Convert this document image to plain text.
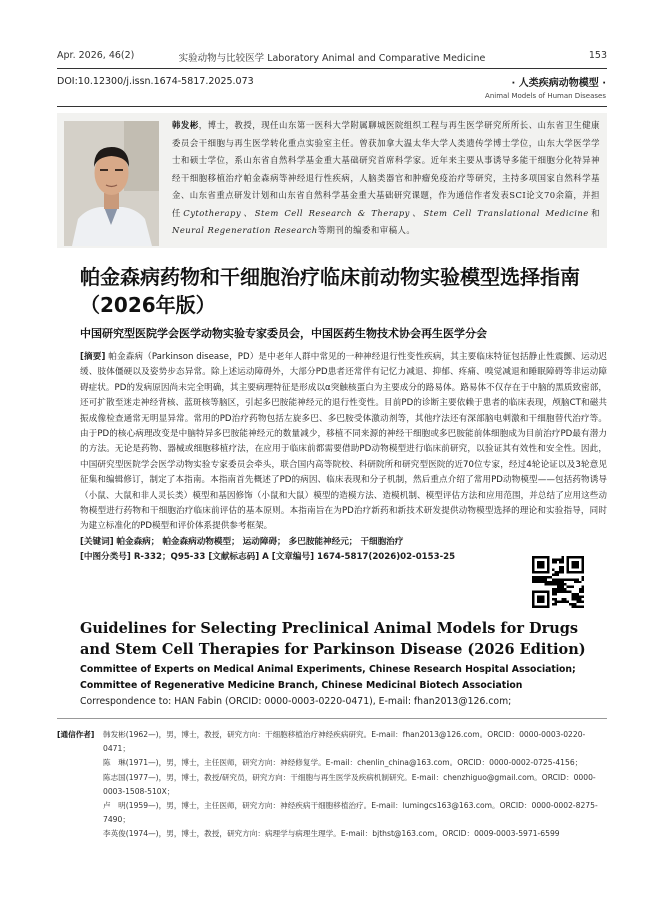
Apr. 2026, 46(2)	实验动物与比较医学 Laboratory Animal and Comparative Medicine	153
DOI:10.12300/j.issn.1674-5817.2025.073	· 人类疾病动物模型 ·
Animal Models of Human Diseases
韩发彬，博士，教授，现任山东第一医科大学附属聊城医院组织工程与再生医学研究所所长、山东省卫生健康委员会干细胞与再生医学转化重点实验室主任。曾获加拿大温太华大学人类遗传学博士学位，山东大学医学学士和硕士学位，系山东省自然科学基金重大基础研究首席科学家。近年来主要从事诱导多能干细胞分化特异神经干细胞移植治疗帕金森病等神经退行性疾病，人脑类器官和肿瘤免疫治疗等研究，主持多项国家自然科学基金、山东省重点研发计划和山东省自然科学基金重大基础研究课题，作为通信作者发表SCI论文70余篇，并担任Cytotherapy、Stem Cell Research & Therapy、Stem Cell Translational Medicine和Neural Regeneration Research等期刊的编委和审稿人。
帕金森病药物和干细胞治疗临床前动物实验模型选择指南（2026年版）
中国研究型医院学会医学动物实验专家委员会，中国医药生物技术协会再生医学分会
[摘要] 帕金森病（Parkinson disease，PD）是中老年人群中常见的一种神经退行性变性疾病，其主要临床特征包括静止性震颤、运动迟缓、肢体僵硬以及姿势步态异常。除上述运动障碍外，大部分PD患者还常伴有记忆力减退、抑郁、疼痛、嗅觉减退和睡眠障碍等非运动障碍症状。PD的发病原因尚未完全明确，其主要病理特征是形成以α突触核蛋白为主要成分的路易体。路易体不仅存在于中脑的黑质致密部，还可扩散至迷走神经背核、蓝斑核等脑区，引起多巴胺能神经元的退行性变性。目前PD的诊断主要依赖于患者的临床表现，颅脑CT和磁共振成像检查通常无明显异常。常用的PD治疗药物包括左旋多巴、多巴胺受体激动剂等，其他疗法还有深部脑电刺激和干细胞替代治疗等。由于PD的核心病理改变是中脑特异多巴胺能神经元的数量减少，移植不同来源的神经干细胞或多巴胺能前体细胞成为目前治疗PD最有潜力的方法。无论是药物、器械或细胞移植疗法，在应用于临床前都需要借助PD动物模型进行临床前研究，以验证其有效性和安全性。因此，中国研究型医院学会医学动物实验专家委员会牵头，联合国内高等院校、科研院所和研究型医院的近70位专家，经过4轮论证以及3轮意见征集和编辑修订，制定了本指南。本指南首先概述了PD的病因、临床表现和分子机制，然后重点介绍了常用PD动物模型——包括药物诱导（小鼠、大鼠和非人灵长类）模型和基因修饰（小鼠和大鼠）模型的造模方法、造模机制、模型评估方法和应用范围，并总结了应用这些动物模型进行药物和干细胞治疗临床前评估的基本原则。本指南旨在为PD治疗新药和新技术研发提供动物模型选择的理论和实验指导，同时为建立标准化的PD模型和评价体系提供参考框架。
[关键词] 帕金森病； 帕金森病动物模型； 运动障碍； 多巴胺能神经元； 干细胞治疗
[中图分类号] R-332；Q95-33 [文献标志码] A [文章编号] 1674-5817(2026)02-0153-25
Guidelines for Selecting Preclinical Animal Models for Drugs and Stem Cell Therapies for Parkinson Disease (2026 Edition)
Committee of Experts on Medical Animal Experiments, Chinese Research Hospital Association;
Committee of Regenerative Medicine Branch, Chinese Medicinal Biotech Association
Correspondence to: HAN Fabin (ORCID: 0000-0003-0220-0471), E-mail: fhan2013@126.com;
[通信作者] 韩发彬(1962—)，男，博士，教授，研究方向：干细胞移植治疗神经疾病研究。E-mail：fhan2013@126.com。ORCID：0000-0003-0220-0471；
陈　琳(1971—)，男，博士，主任医师，研究方向：神经修复学。E-mail：chenlin_china@163.com。ORCID：0000-0002-0725-4156；
陈志国(1977—)，男，博士，教授/研究员，研究方向：干细胞与再生医学及疾病机制研究。E-mail：chenzhiguo@gmail.com。ORCID：0000-0003-1508-510X；
卢　明(1959—)，男，博士，主任医师，研究方向：神经疾病干细胞移植治疗。E-mail：lumingcs163@163.com。ORCID：0000-0002-8275-7490；
李英俊(1974—)，男，博士，教授，研究方向：病理学与病理生理学。E-mail：bjthst@163.com。ORCID：0009-0003-5971-6599
